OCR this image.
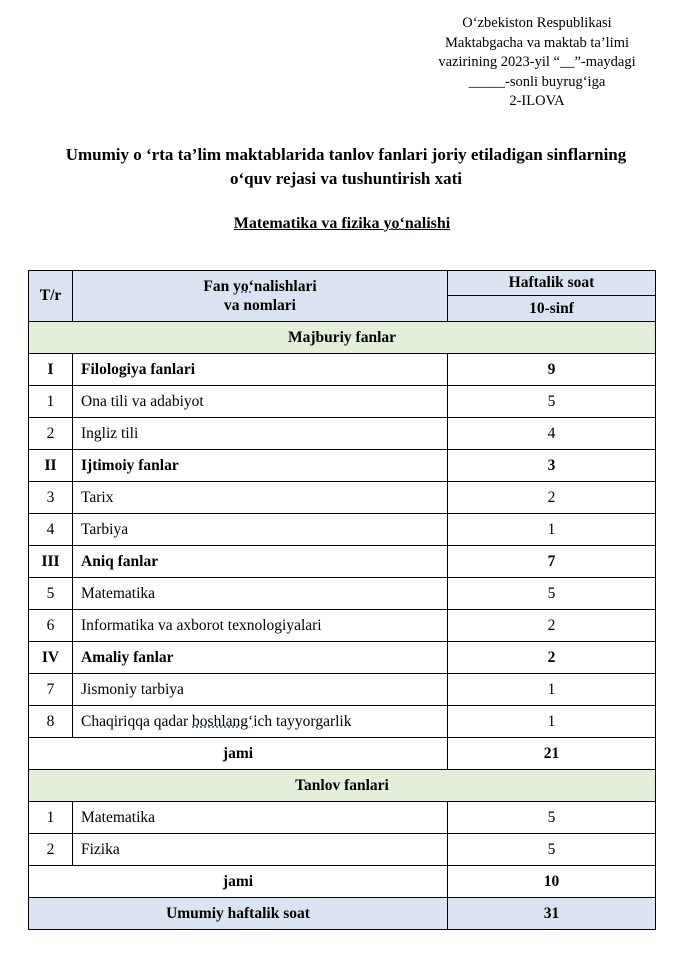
O‘zbekiston Respublikasi
Maktabgacha va maktab ta’limi
vazirining 2023-yil “__”-maydagi
_____-sonli buyrug‘iga
2-ILOVA
Umumiy o ‘rta ta’lim maktablarida tanlov fanlari joriy etiladigan sinflarning
o‘quv rejasi va tushuntirish xati
Matematika va fizika yo‘nalishi
T/r	Fan yo‘nalishlari
va nomlari	Haftalik soat
		10-sinf
Majburiy fanlar		
I	Filologiya fanlari	9
1	Ona tili va adabiyot	5
2	Ingliz tili	4
II	Ijtimoiy fanlar	3
3	Tarix	2
4	Tarbiya	1
III	Aniq fanlar	7
5	Matematika	5
6	Informatika va axborot texnologiyalari	2
IV	Amaliy fanlar	2
7	Jismoniy tarbiya	1
8	Chaqiriqqa qadar boshlang‘ich tayyorgarlik	1
jami		21
Tanlov fanlari		
1	Matematika	5
2	Fizika	5
jami		10
Umumiy haftalik soat		31
